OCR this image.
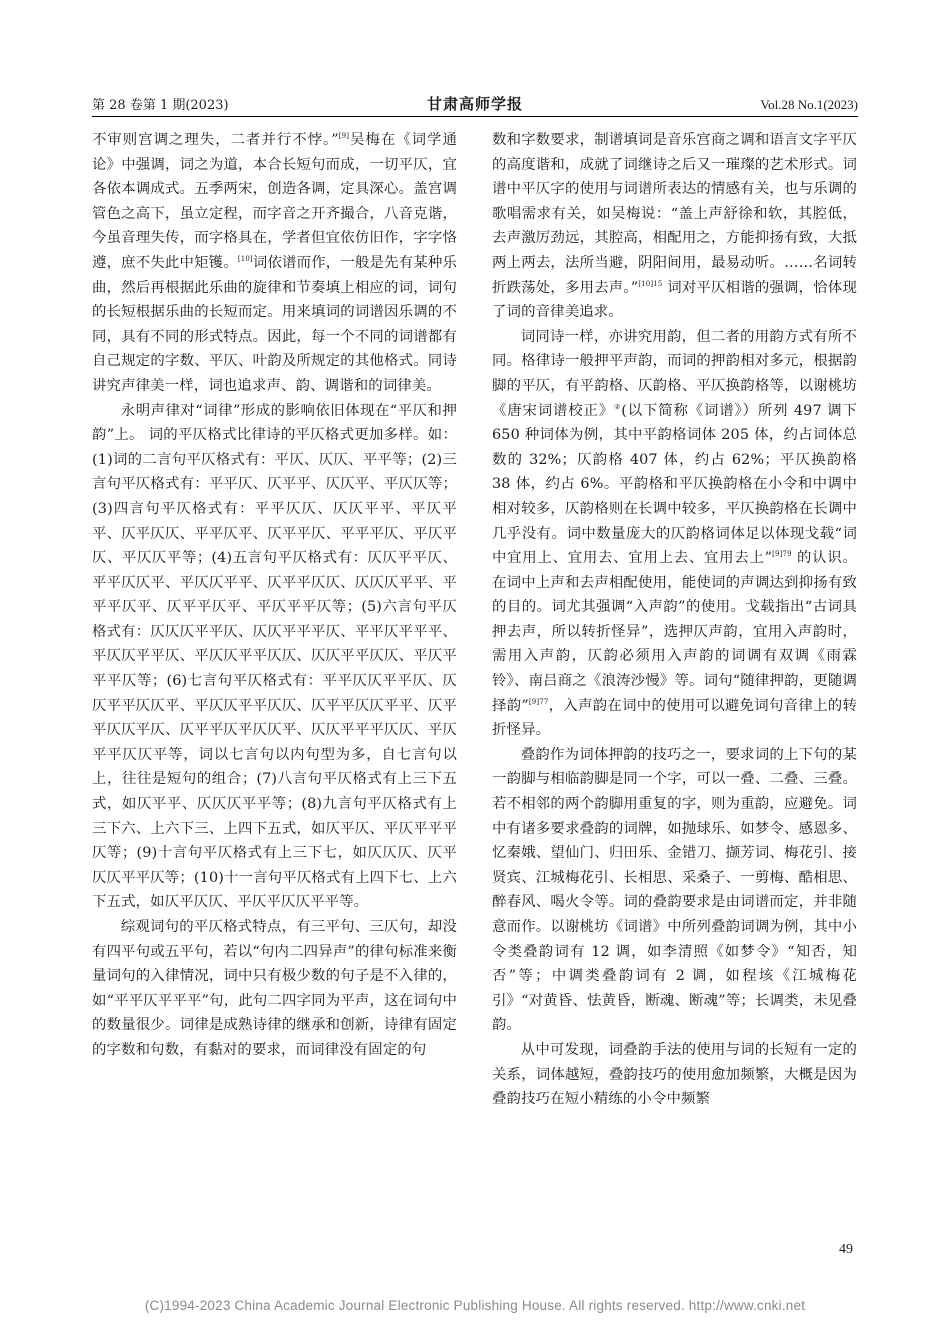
第 28 卷第 1 期(2023)	甘肃高师学报	Vol.28 No.1(2023)

不审则宫调之理失，二者并行不悖。”[9]吴梅在《词学通论》中强调，词之为道，本合长短句而成，一切平仄，宜各依本调成式。五季两宋，创造各调，定具深心。盖宫调管色之高下，虽立定程，而字音之开齐撮合，八音克谐，今虽音理失传，而字格具在，学者但宜依仿旧作，字字恪遵，庶不失此中矩镬。[10]词依谱而作，一般是先有某种乐曲，然后再根据此乐曲的旋律和节奏填上相应的词，词句的长短根据乐曲的长短而定。用来填词的词谱因乐调的不同，具有不同的形式特点。因此，每一个不同的词谱都有自己规定的字数、平仄、叶韵及所规定的其他格式。同诗讲究声律美一样，词也追求声、韵、调谐和的词律美。

永明声律对“词律”形成的影响依旧体现在“平仄和押韵”上。 词的平仄格式比律诗的平仄格式更加多样。如：(1)词的二言句平仄格式有：平仄、仄仄、平平等；(2)三言句平仄格式有：平平仄、仄平平、仄仄平、平仄仄等；(3)四言句平仄格式有：平平仄仄、仄仄平平、平仄平平、仄平仄仄、平平仄平、仄平平仄、平平平仄、平仄平仄、平仄仄平等；(4)五言句平仄格式有：仄仄平平仄、平平仄仄平、平仄仄平平、仄平平仄仄、仄仄仄平平、平平平仄平、仄平平仄平、平仄平平仄等；(5)六言句平仄格式有：仄仄仄平平仄、仄仄平平平仄、平平仄平平平、平仄仄平平仄、平仄仄平平仄仄、仄仄平平仄仄、平仄平平平仄等；(6)七言句平仄格式有：平平仄仄平平仄、仄仄平平仄仄平、平仄仄平平仄仄、仄平平仄仄平平、仄平平仄仄平仄、仄平平仄平仄仄平、仄仄平平平仄仄、平仄平平仄仄平等，词以七言句以内句型为多，自七言句以上，往往是短句的组合；(7)八言句平仄格式有上三下五式，如仄平平、仄仄仄平平等；(8)九言句平仄格式有上三下六、上六下三、上四下五式，如仄平仄、平仄平平平仄等；(9)十言句平仄格式有上三下七，如仄仄仄、仄平仄仄平平仄等；(10)十一言句平仄格式有上四下七、上六下五式，如仄平仄仄、平仄平仄仄平平等。

综观词句的平仄格式特点，有三平句、三仄句，却没有四平句或五平句，若以“句内二四异声”的律句标准来衡量词句的入律情况，词中只有极少数的句子是不入律的，如“平平仄平平平”句，此句二四字同为平声，这在词句中的数量很少。词律是成熟诗律的继承和创新，诗律有固定的字数和句数，有黏对的要求，而词律没有固定的句

数和字数要求，制谱填词是音乐宫商之调和语言文字平仄的高度谐和，成就了词继诗之后又一璀璨的艺术形式。词谱中平仄字的使用与词谱所表达的情感有关，也与乐调的歌唱需求有关，如吴梅说：“盖上声舒徐和软，其腔低，去声激厉劲远，其腔高，相配用之，方能抑扬有致，大抵两上两去，法所当避，阴阳间用，最易动听。……名词转折跌荡处，多用去声。”$^{[10]15}$ 词对平仄相谐的强调，恰体现了词的音律美追求。

词同诗一样，亦讲究用韵，但二者的用韵方式有所不同。格律诗一般押平声韵，而词的押韵相对多元，根据韵脚的平仄，有平韵格、仄韵格、平仄换韵格等，以谢桃坊《唐宋词谱校正》②(以下简称《词谱》）所列 497 调下 650 种词体为例，其中平韵格词体 205 体，约占词体总数的 32%；仄韵格 407 体，约占 62%；平仄换韵格 38 体，约占 6%。平韵格和平仄换韵格在小令和中调中相对较多，仄韵格则在长调中较多，平仄换韵格在长调中几乎没有。词中数量庞大的仄韵格词体足以体现戈载“词中宜用上、宜用去、宜用上去、宜用去上”$^{[9]79}$ 的认识。在词中上声和去声相配使用，能使词的声调达到抑扬有致的目的。词尤其强调“入声韵”的使用。戈载指出“古词具押去声，所以转折怪异”，选押仄声韵，宜用入声韵时，需用入声韵，仄韵必须用入声韵的词调有双调《雨霖铃》、南吕商之《浪涛沙慢》等。词句“随律押韵，更随调择韵”$^{[9]77}$，入声韵在词中的使用可以避免词句音律上的转折怪异。

叠韵作为词体押韵的技巧之一，要求词的上下句的某一韵脚与相临韵脚是同一个字，可以一叠、二叠、三叠。若不相邻的两个韵脚用重复的字，则为重韵，应避免。词中有诸多要求叠韵的词牌，如抛球乐、如梦令、感恩多、忆秦娥、望仙门、归田乐、金错刀、撷芳词、梅花引、接贤宾、江城梅花引、长相思、采桑子、一剪梅、酷相思、醉春风、喝火令等。词的叠韵要求是由词谱而定，并非随意而作。以谢桃坊《词谱》中所列叠韵词调为例，其中小令类叠韵词有 12 调，如李清照《如梦令》“知否，知否”等；中调类叠韵词有 2 调，如程垓《江城梅花引》“对黄昏、怯黄昏，断魂、断魂”等；长调类，未见叠韵。

从中可发现，词叠韵手法的使用与词的长短有一定的关系，词体越短，叠韵技巧的使用愈加频繁，大概是因为叠韵技巧在短小精练的小令中频繁

49
(C)1994-2023 China Academic Journal Electronic Publishing House. All rights reserved. http://www.cnki.net
